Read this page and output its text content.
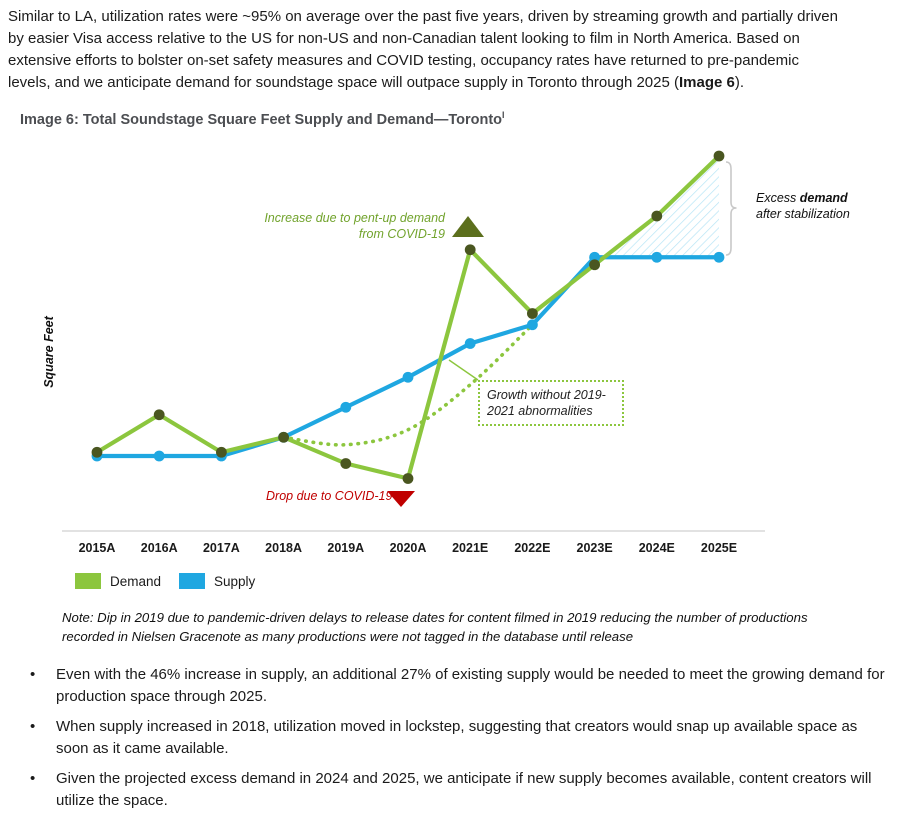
Similar to LA, utilization rates were ~95% on average over the past five years, driven by streaming growth and partially driven by easier Visa access relative to the US for non-US and non-Canadian talent looking to film in North America. Based on extensive efforts to bolster on-set safety measures and COVID testing, occupancy rates have returned to pre-pandemic levels, and we anticipate demand for soundstage space will outpace supply in Toronto through 2025 (Image 6).
Image 6: Total Soundstage Square Feet Supply and Demand—Toronto$^I$
2015A 2016A 2017A 2018A 2019A 2020A 2021E 2022E 2023E 2024E 2025E
Square Feet
Increase due to pent-up demand
from COVID-19
Drop due to COVID-19
Growth without 2019-
2021 abnormalities
Excess demand
after stabilization
Demand	Supply
Note: Dip in 2019 due to pandemic-driven delays to release dates for content filmed in 2019 reducing the number of productions
recorded in Nielsen Gracenote as many productions were not tagged in the database until release
•	Even with the 46% increase in supply, an additional 27% of existing supply would be needed to meet the growing demand for production space through 2025.
•	When supply increased in 2018, utilization moved in lockstep, suggesting that creators would snap up available space as soon as it came available.
•	Given the projected excess demand in 2024 and 2025, we anticipate if new supply becomes available, content creators will utilize the space.
